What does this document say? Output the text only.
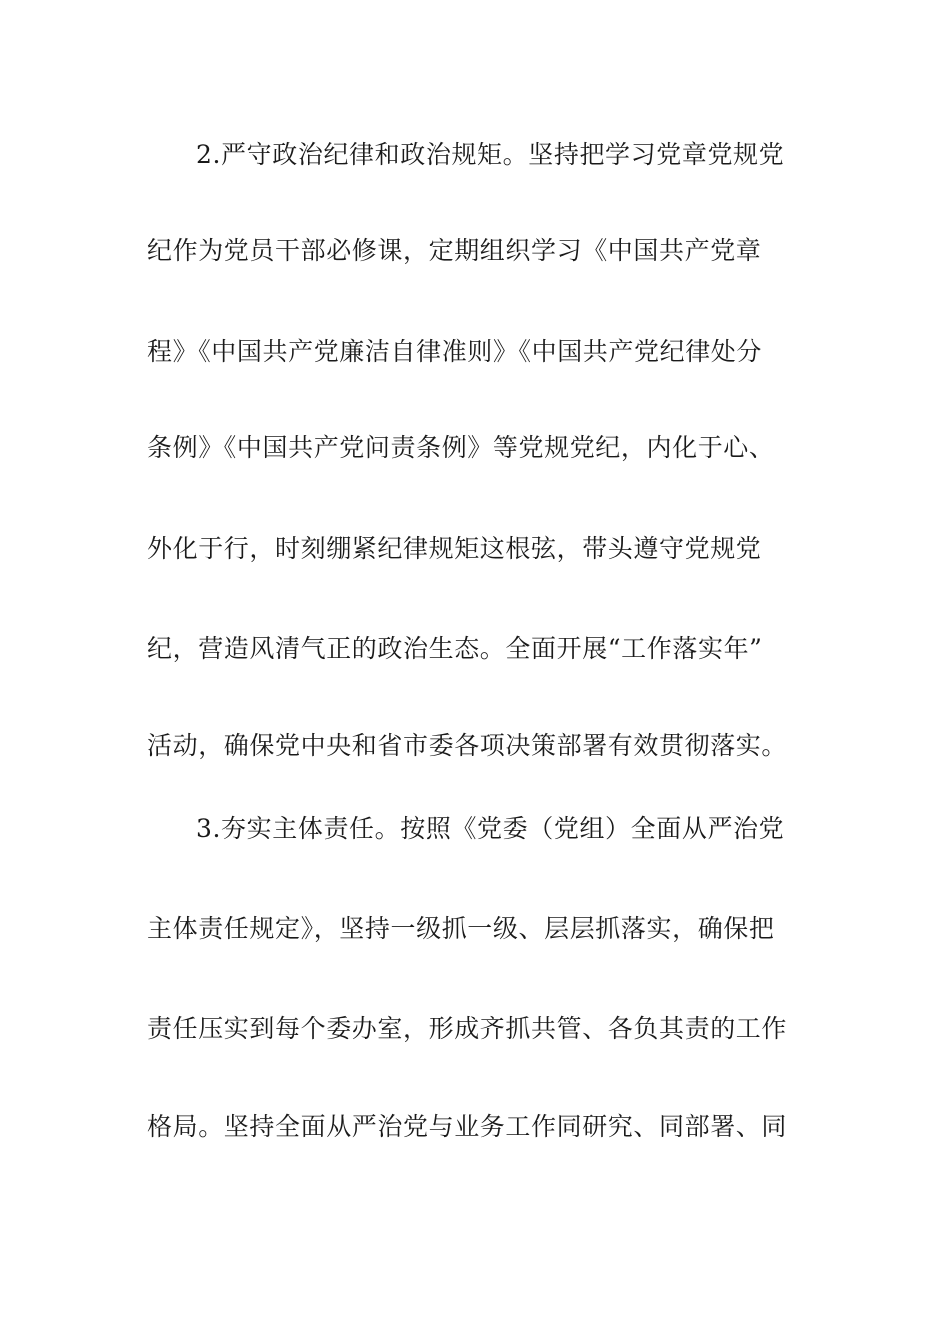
2.严守政治纪律和政治规矩。坚持把学习党章党规党
纪作为党员干部必修课，定期组织学习《中国共产党章
程》《中国共产党廉洁自律准则》《中国共产党纪律处分
条例》《中国共产党问责条例》等党规党纪，内化于心、
外化于行，时刻绷紧纪律规矩这根弦，带头遵守党规党
纪，营造风清气正的政治生态。全面开展“工作落实年”
活动，确保党中央和省市委各项决策部署有效贯彻落实。
3.夯实主体责任。按照《党委（党组）全面从严治党
主体责任规定》，坚持一级抓一级、层层抓落实，确保把
责任压实到每个委办室，形成齐抓共管、各负其责的工作
格局。坚持全面从严治党与业务工作同研究、同部署、同
